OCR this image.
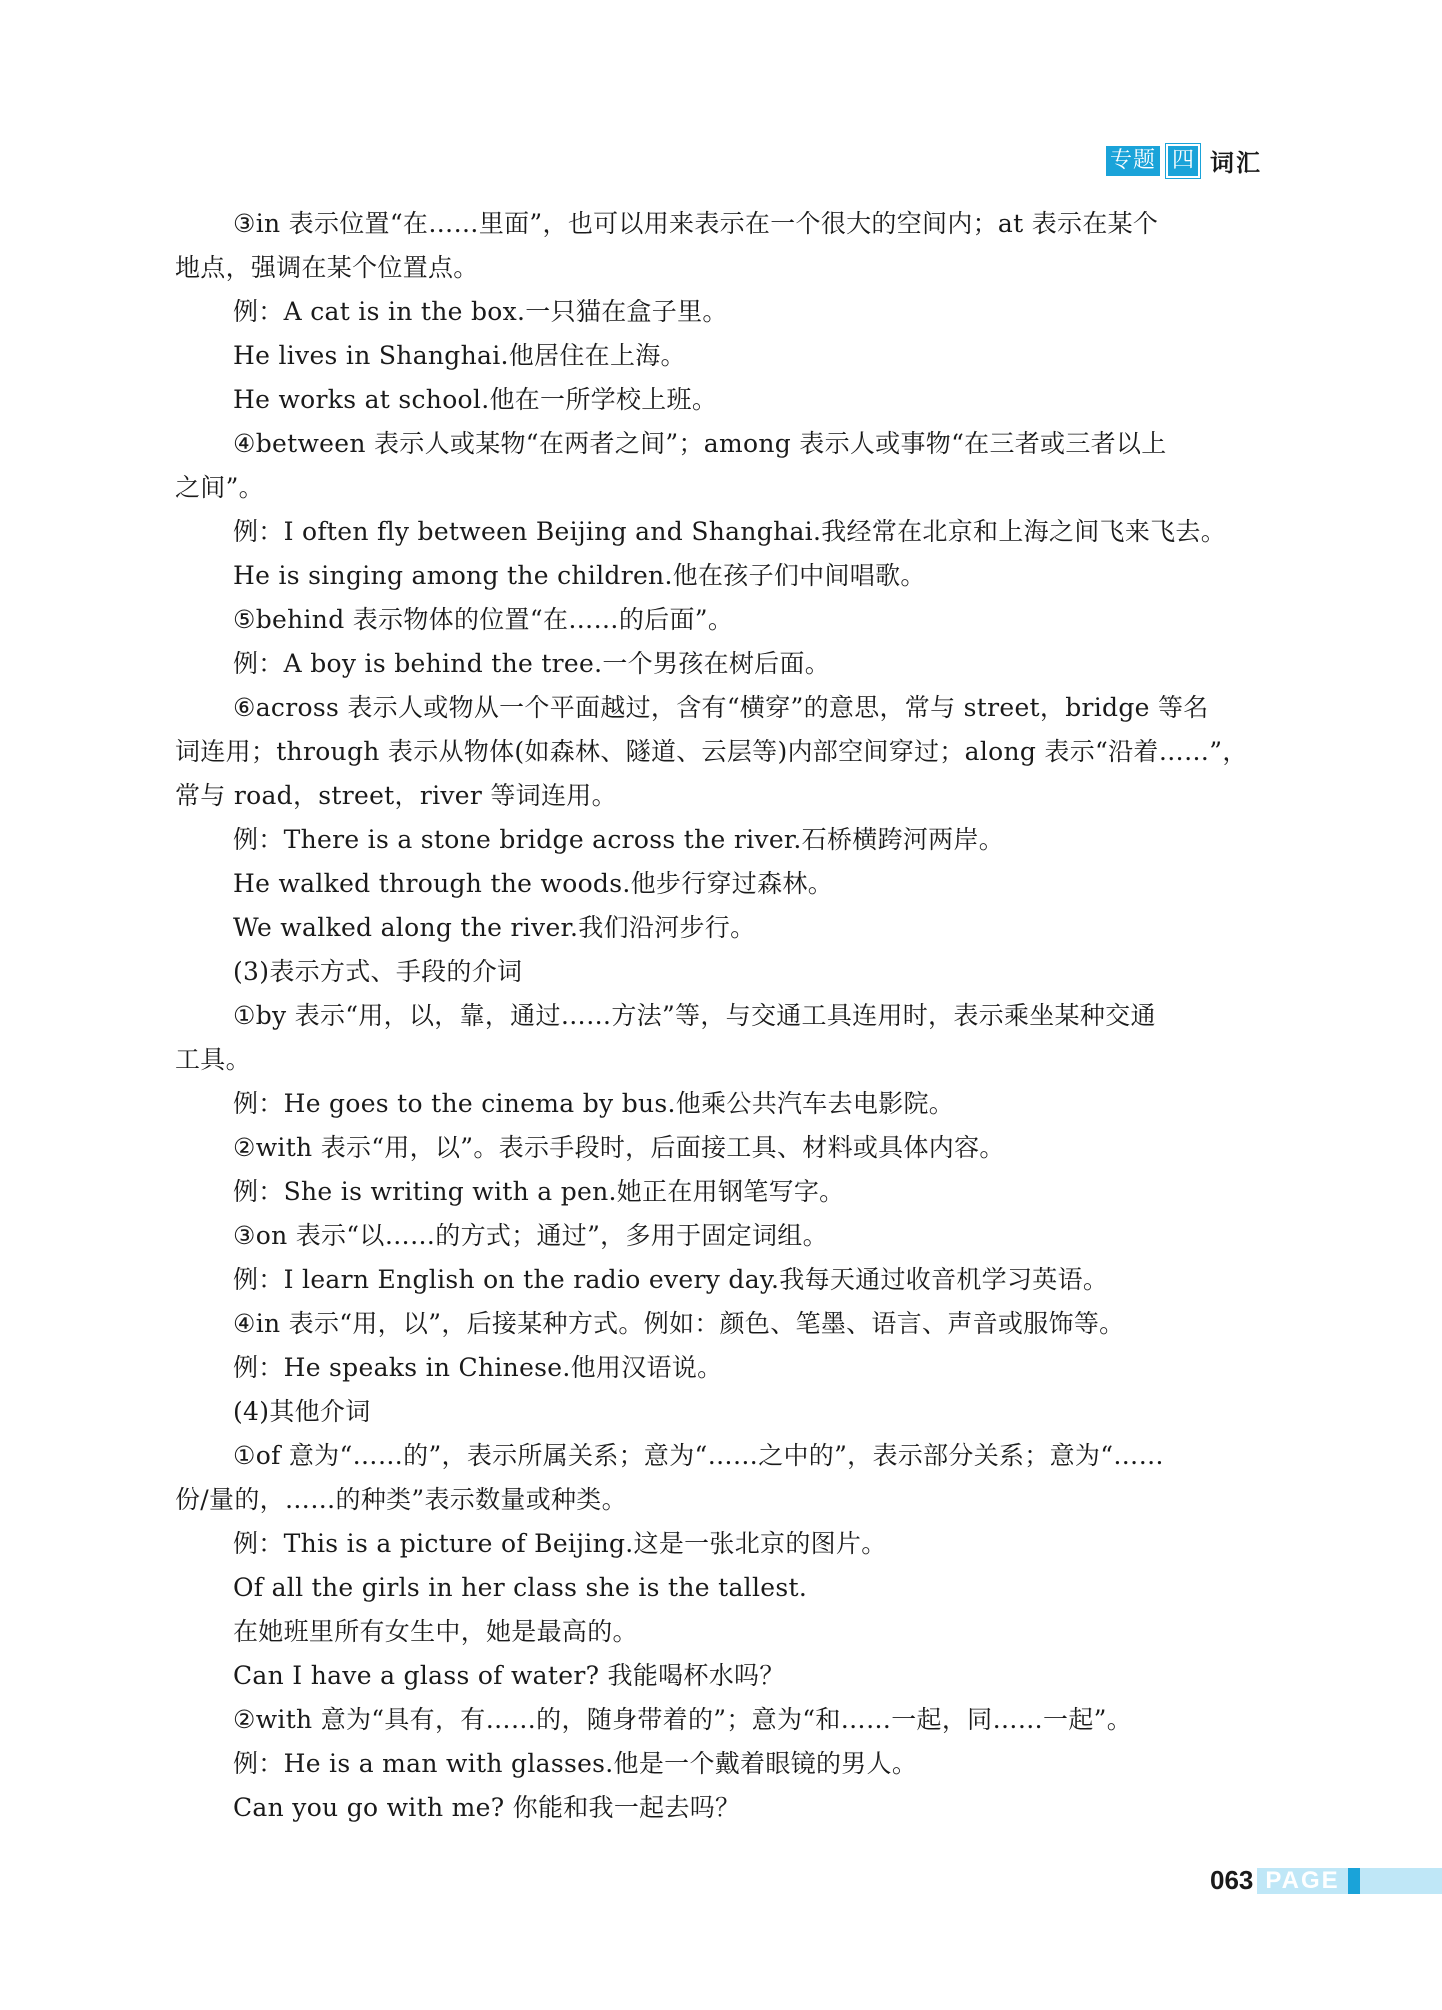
专题 四 词汇
③in 表示位置“在……里面”，也可以用来表示在一个很大的空间内；at 表示在某个
地点，强调在某个位置点。
例：A cat is in the box.一只猫在盒子里。
He lives in Shanghai.他居住在上海。
He works at school.他在一所学校上班。
④between 表示人或某物“在两者之间”；among 表示人或事物“在三者或三者以上
之间”。
例：I often fly between Beijing and Shanghai.我经常在北京和上海之间飞来飞去。
He is singing among the children.他在孩子们中间唱歌。
⑤behind 表示物体的位置“在……的后面”。
例：A boy is behind the tree.一个男孩在树后面。
⑥across 表示人或物从一个平面越过，含有“横穿”的意思，常与 street，bridge 等名
词连用；through 表示从物体(如森林、隧道、云层等)内部空间穿过；along 表示“沿着……”，
常与 road，street，river 等词连用。
例：There is a stone bridge across the river.石桥横跨河两岸。
He walked through the woods.他步行穿过森林。
We walked along the river.我们沿河步行。
(3)表示方式、手段的介词
①by 表示“用，以，靠，通过……方法”等，与交通工具连用时，表示乘坐某种交通
工具。
例：He goes to the cinema by bus.他乘公共汽车去电影院。
②with 表示“用，以”。表示手段时，后面接工具、材料或具体内容。
例：She is writing with a pen.她正在用钢笔写字。
③on 表示“以……的方式；通过”，多用于固定词组。
例：I learn English on the radio every day.我每天通过收音机学习英语。
④in 表示“用，以”，后接某种方式。例如：颜色、笔墨、语言、声音或服饰等。
例：He speaks in Chinese.他用汉语说。
(4)其他介词
①of 意为“……的”，表示所属关系；意为“……之中的”，表示部分关系；意为“……
份/量的，……的种类”表示数量或种类。
例：This is a picture of Beijing.这是一张北京的图片。
Of all the girls in her class she is the tallest.
在她班里所有女生中，她是最高的。
Can I have a glass of water? 我能喝杯水吗？
②with 意为“具有，有……的，随身带着的”；意为“和……一起，同……一起”。
例：He is a man with glasses.他是一个戴着眼镜的男人。
Can you go with me? 你能和我一起去吗？
063 PAGE
